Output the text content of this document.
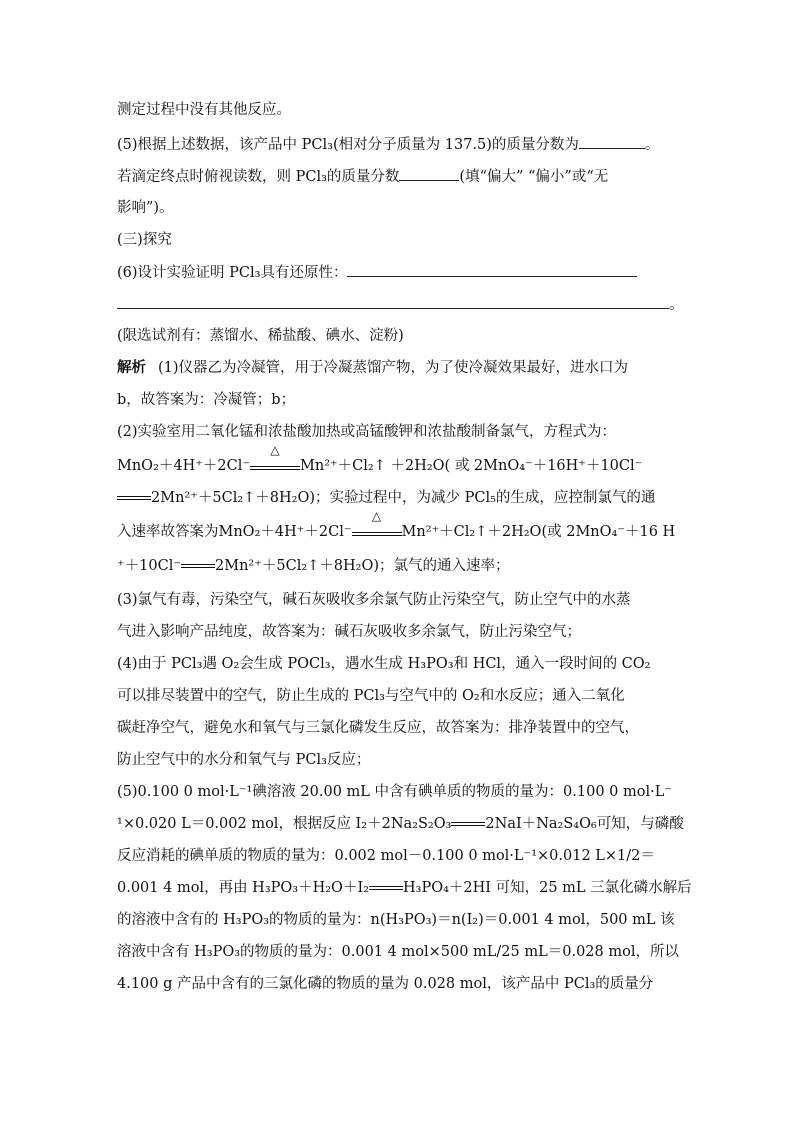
测定过程中没有其他反应。
(5)根据上述数据，该产品中 PCl₃(相对分子质量为 137.5)的质量分数为	。
若滴定终点时俯视读数，则 PCl₃的质量分数	(填“偏大” “偏小”或“无
影响”)。
(三)探究
(6)设计实验证明 PCl₃具有还原性：
。
(限选试剂有：蒸馏水、稀盐酸、碘水、淀粉)
解析 (1)仪器乙为冷凝管，用于冷凝蒸馏产物，为了使冷凝效果最好，进水口为
b，故答案为：冷凝管；b；
(2)实验室用二氧化锰和浓盐酸加热或高锰酸钾和浓盐酸制备氯气，方程式为：
MnO₂＋4H⁺＋2Cl⁻
△
Mn²⁺＋Cl₂↑ ＋2H₂O( 或 2MnO₄⁻＋16H⁺＋10Cl⁻
2Mn²⁺＋5Cl₂↑＋8H₂O)；实验过程中，为减少 PCl₅的生成，应控制氯气的通
入速率故答案为MnO₂＋4H⁺＋2Cl⁻
△
Mn²⁺＋Cl₂↑＋2H₂O(或 2MnO₄⁻＋16 H
⁺＋10Cl⁻ 2Mn²⁺＋5Cl₂↑＋8H₂O)；氯气的通入速率；
(3)氯气有毒，污染空气，碱石灰吸收多余氯气防止污染空气，防止空气中的水蒸
气进入影响产品纯度，故答案为：碱石灰吸收多余氯气，防止污染空气；
(4)由于 PCl₃遇 O₂会生成 POCl₃，遇水生成 H₃PO₃和 HCl，通入一段时间的 CO₂
可以排尽装置中的空气，防止生成的 PCl₃与空气中的 O₂和水反应；通入二氧化
碳赶净空气，避免水和氧气与三氯化磷发生反应，故答案为：排净装置中的空气，
防止空气中的水分和氧气与 PCl₃反应；
(5)0.100 0 mol·L⁻¹碘溶液 20.00 mL 中含有碘单质的物质的量为：0.100 0 mol·L⁻
¹×0.020 L＝0.002 mol，根据反应 I₂＋2Na₂S₂O₃ 2NaI＋Na₂S₄O₆可知，与磷酸
反应消耗的碘单质的物质的量为：0.002 mol－0.100 0 mol·L⁻¹×0.012 L×1/2＝
0.001 4 mol，再由 H₃PO₃＋H₂O＋I₂ H₃PO₄＋2HI 可知，25 mL 三氯化磷水解后
的溶液中含有的 H₃PO₃的物质的量为：n(H₃PO₃)＝n(I₂)＝0.001 4 mol，500 mL 该
溶液中含有 H₃PO₃的物质的量为：0.001 4 mol×500 mL/25 mL＝0.028 mol，所以
4.100 g 产品中含有的三氯化磷的物质的量为 0.028 mol，该产品中 PCl₃的质量分
